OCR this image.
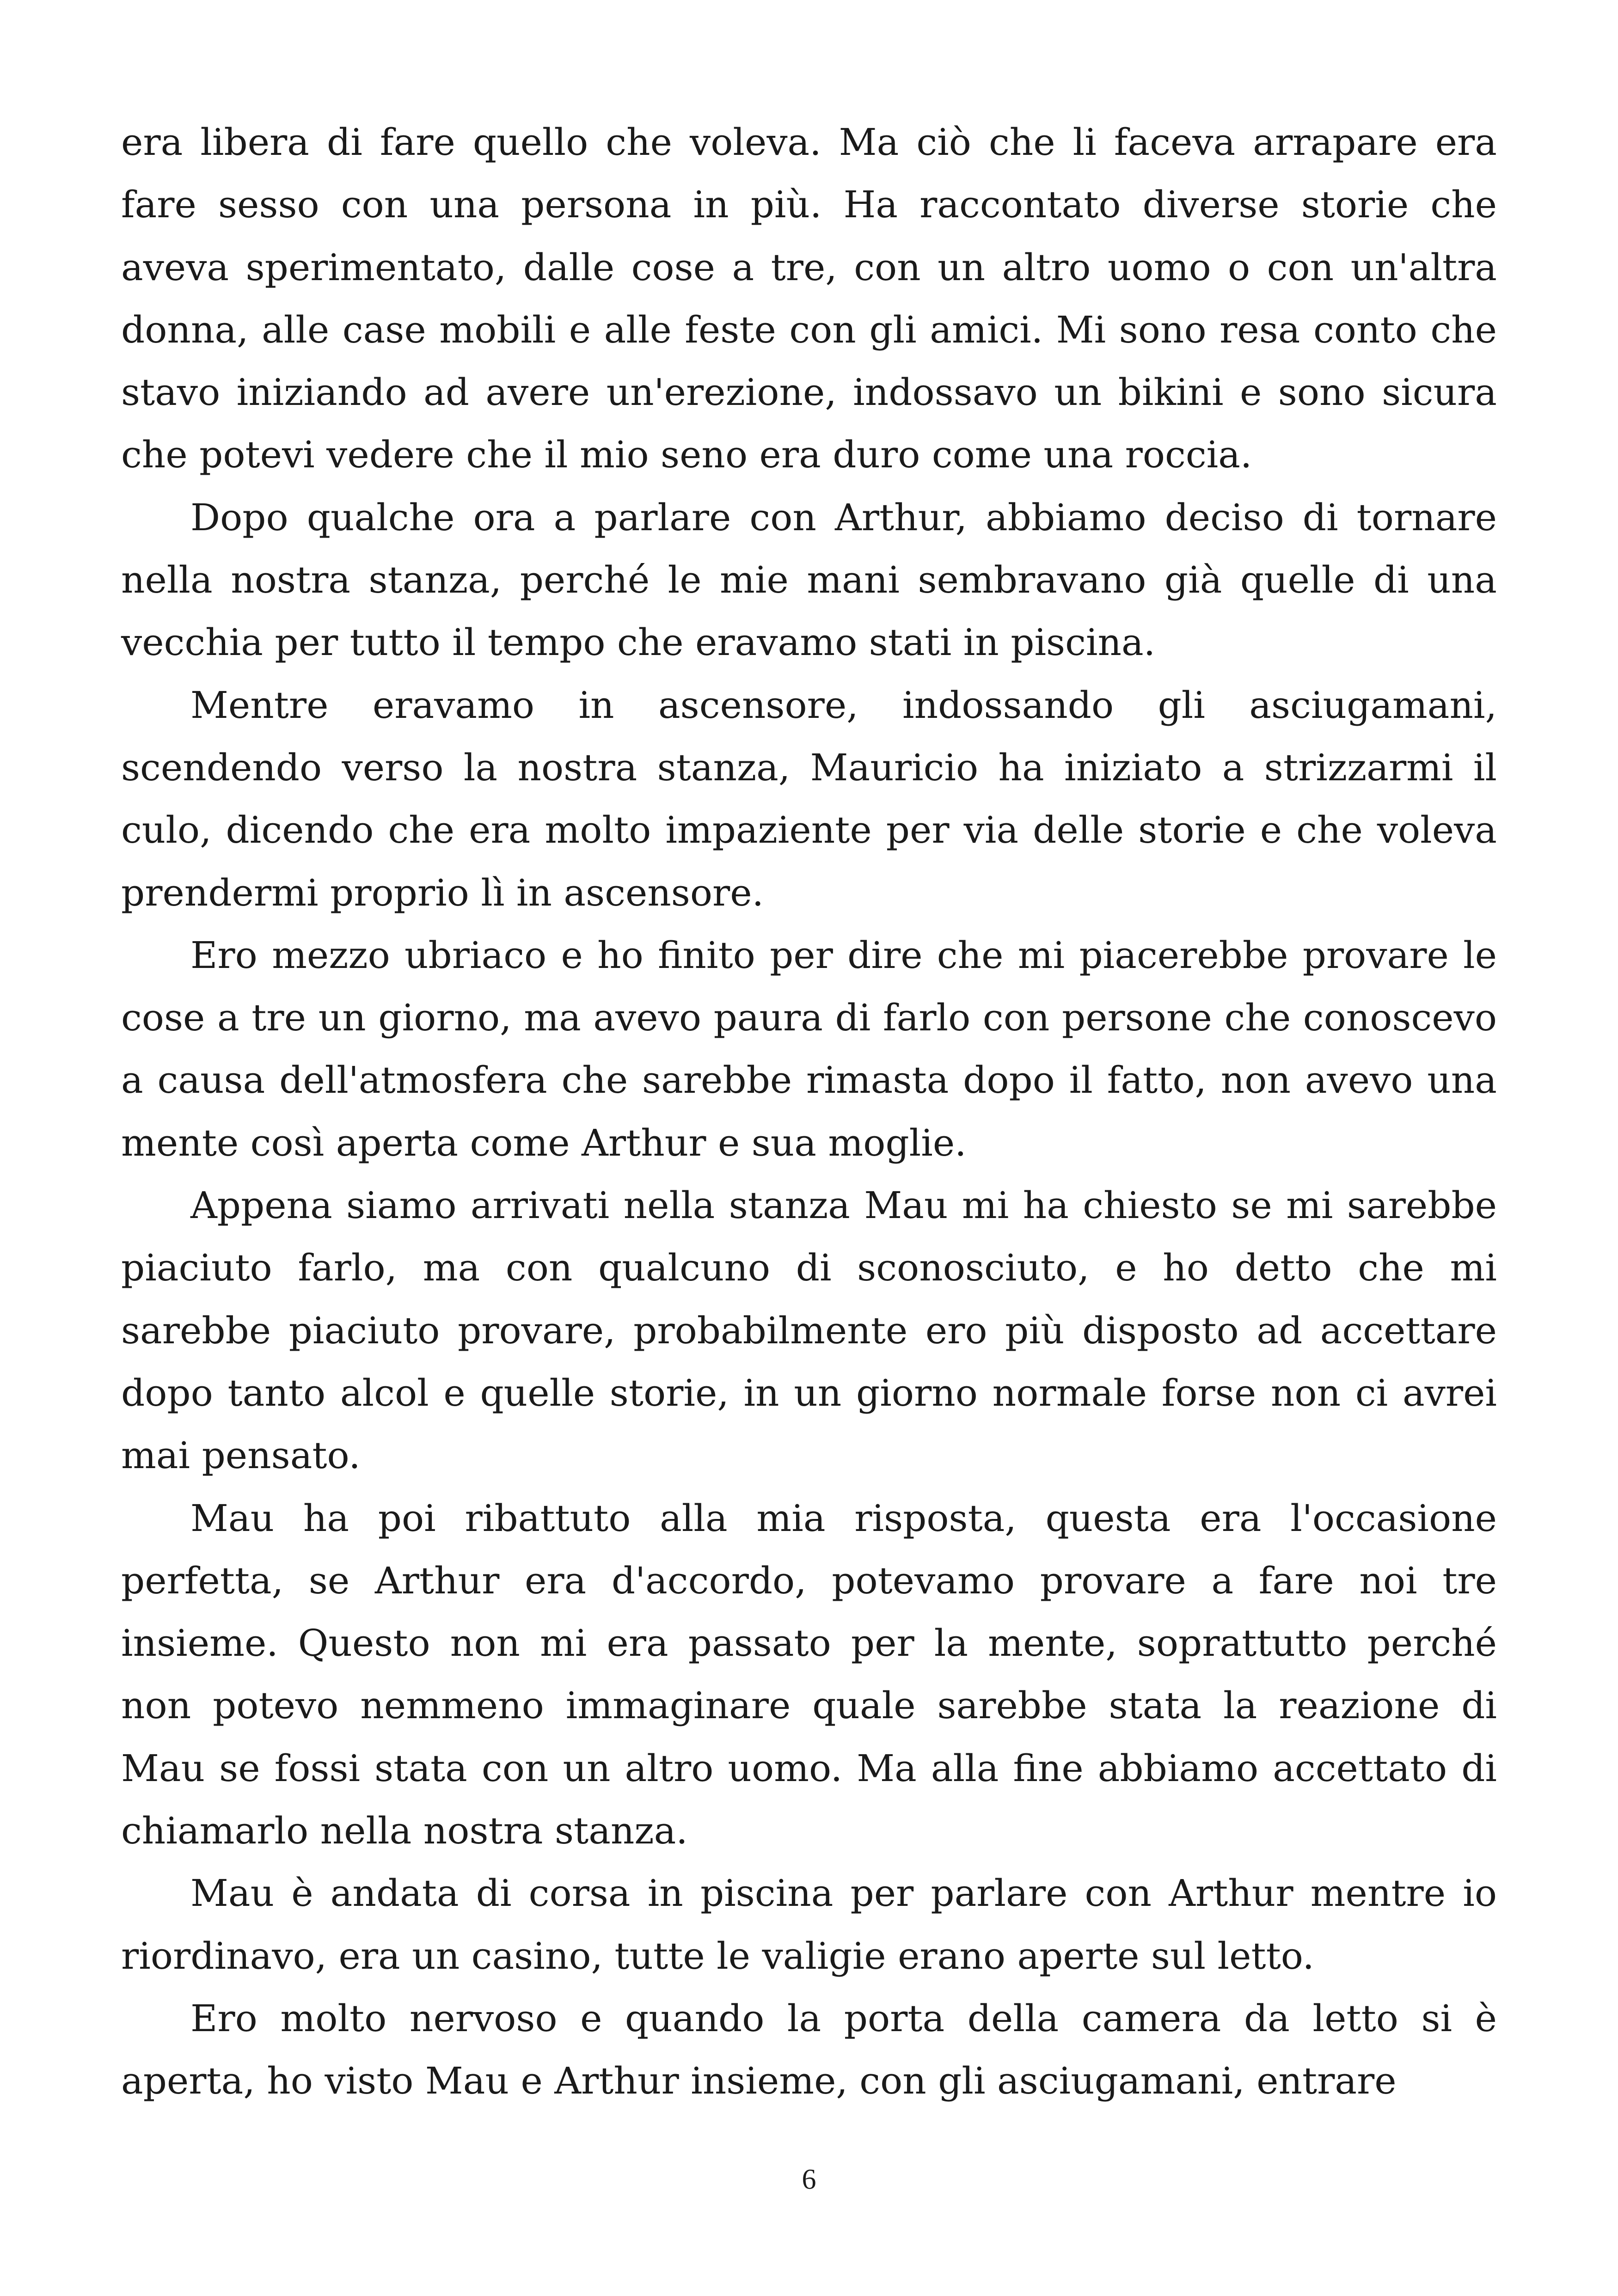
era libera di fare quello che voleva. Ma ciò che li faceva arrapare era fare sesso con una persona in più. Ha raccontato diverse storie che aveva sperimentato, dalle cose a tre, con un altro uomo o con un'altra donna, alle case mobili e alle feste con gli amici. Mi sono resa conto che stavo iniziando ad avere un'erezione, indossavo un bikini e sono sicura che potevi vedere che il mio seno era duro come una roccia.

Dopo qualche ora a parlare con Arthur, abbiamo deciso di tornare nella nostra stanza, perché le mie mani sembravano già quelle di una vecchia per tutto il tempo che eravamo stati in piscina.

Mentre eravamo in ascensore, indossando gli asciugamani, scendendo verso la nostra stanza, Mauricio ha iniziato a strizzarmi il culo, dicendo che era molto impaziente per via delle storie e che voleva prendermi proprio lì in ascensore.

Ero mezzo ubriaco e ho finito per dire che mi piacerebbe provare le cose a tre un giorno, ma avevo paura di farlo con persone che conoscevo a causa dell'atmosfera che sarebbe rimasta dopo il fatto, non avevo una mente così aperta come Arthur e sua moglie.

Appena siamo arrivati nella stanza Mau mi ha chiesto se mi sarebbe piaciuto farlo, ma con qualcuno di sconosciuto, e ho detto che mi sarebbe piaciuto provare, probabilmente ero più disposto ad accettare dopo tanto alcol e quelle storie, in un giorno normale forse non ci avrei mai pensato.

Mau ha poi ribattuto alla mia risposta, questa era l'occasione perfetta, se Arthur era d'accordo, potevamo provare a fare noi tre insieme. Questo non mi era passato per la mente, soprattutto perché non potevo nemmeno immaginare quale sarebbe stata la reazione di Mau se fossi stata con un altro uomo. Ma alla fine abbiamo accettato di chiamarlo nella nostra stanza.

Mau è andata di corsa in piscina per parlare con Arthur mentre io riordinavo, era un casino, tutte le valigie erano aperte sul letto.

Ero molto nervoso e quando la porta della camera da letto si è aperta, ho visto Mau e Arthur insieme, con gli asciugamani, entrare

6
